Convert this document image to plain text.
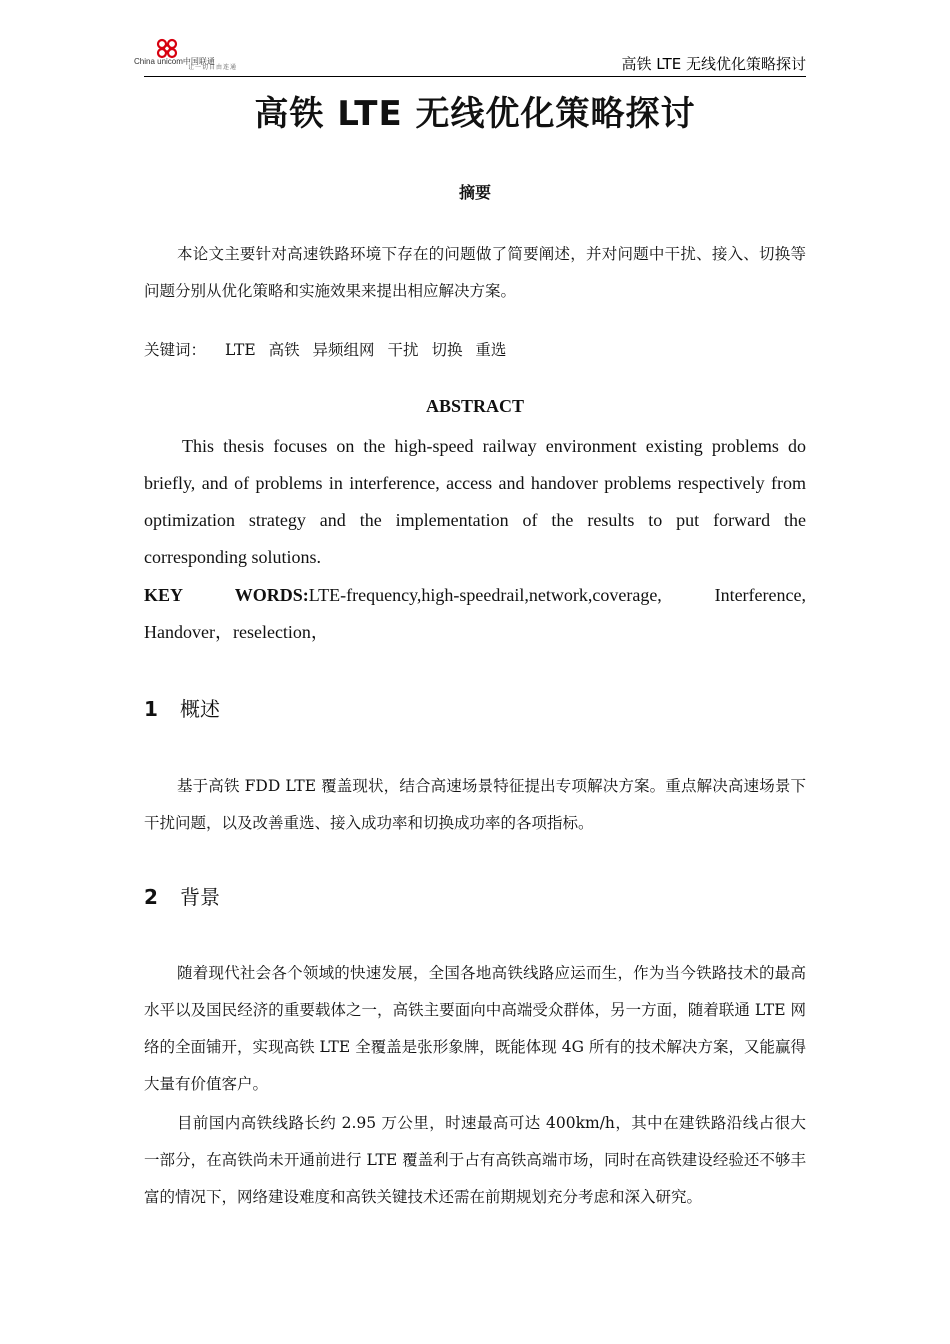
China unicom中国联通
让一切自由连通	高铁 LTE 无线优化策略探讨
高铁 LTE 无线优化策略探讨
摘要
本论文主要针对高速铁路环境下存在的问题做了简要阐述，并对问题中干扰、接入、切换等问题分别从优化策略和实施效果来提出相应解决方案。
关键词： LTE 高铁 异频组网 干扰 切换 重选
ABSTRACT
This thesis focuses on the high-speed railway environment existing problems do briefly, and of problems in interference, access and handover problems respectively from optimization strategy and the implementation of the results to put forward the corresponding solutions.
KEY WORDS:LTE-frequency,high-speedrail,network,coverage, Interference,
Handover，reselection，
1 概述
基于高铁 FDD LTE 覆盖现状，结合高速场景特征提出专项解决方案。重点解决高速场景下干扰问题，以及改善重选、接入成功率和切换成功率的各项指标。
2 背景
随着现代社会各个领域的快速发展，全国各地高铁线路应运而生，作为当今铁路技术的最高水平以及国民经济的重要载体之一，高铁主要面向中高端受众群体，另一方面，随着联通 LTE 网络的全面铺开，实现高铁 LTE 全覆盖是张形象牌，既能体现 4G 所有的技术解决方案，又能赢得大量有价值客户。
目前国内高铁线路长约 2.95 万公里，时速最高可达 400km/h，其中在建铁路沿线占很大一部分，在高铁尚未开通前进行 LTE 覆盖利于占有高铁高端市场，同时在高铁建设经验还不够丰富的情况下，网络建设难度和高铁关键技术还需在前期规划充分考虑和深入研究。
